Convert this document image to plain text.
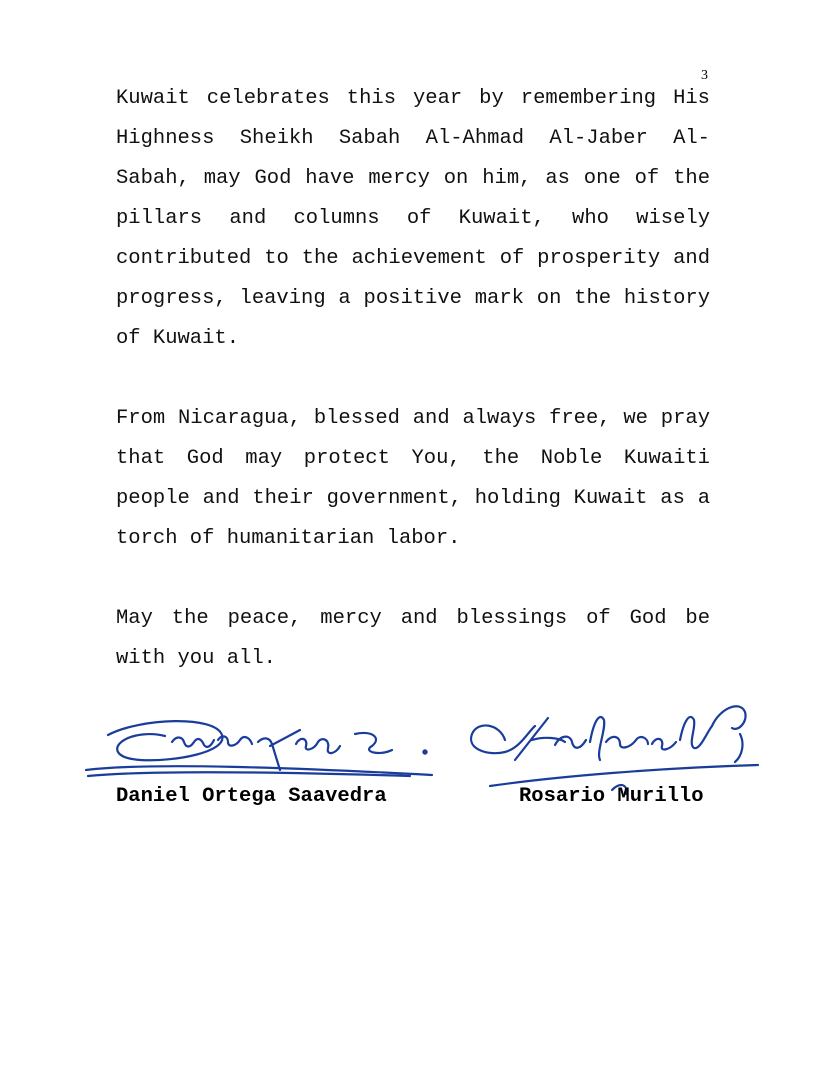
3

Kuwait celebrates this year by remembering His Highness Sheikh Sabah Al-Ahmad Al-Jaber Al-Sabah, may God have mercy on him, as one of the pillars and columns of Kuwait, who wisely contributed to the achievement of prosperity and progress, leaving a positive mark on the history of Kuwait.

From Nicaragua, blessed and always free, we pray that God may protect You, the Noble Kuwaiti people and their government, holding Kuwait as a torch of humanitarian labor.

May the peace, mercy and blessings of God be with you all.

Daniel Ortega Saavedra	Rosario Murillo
